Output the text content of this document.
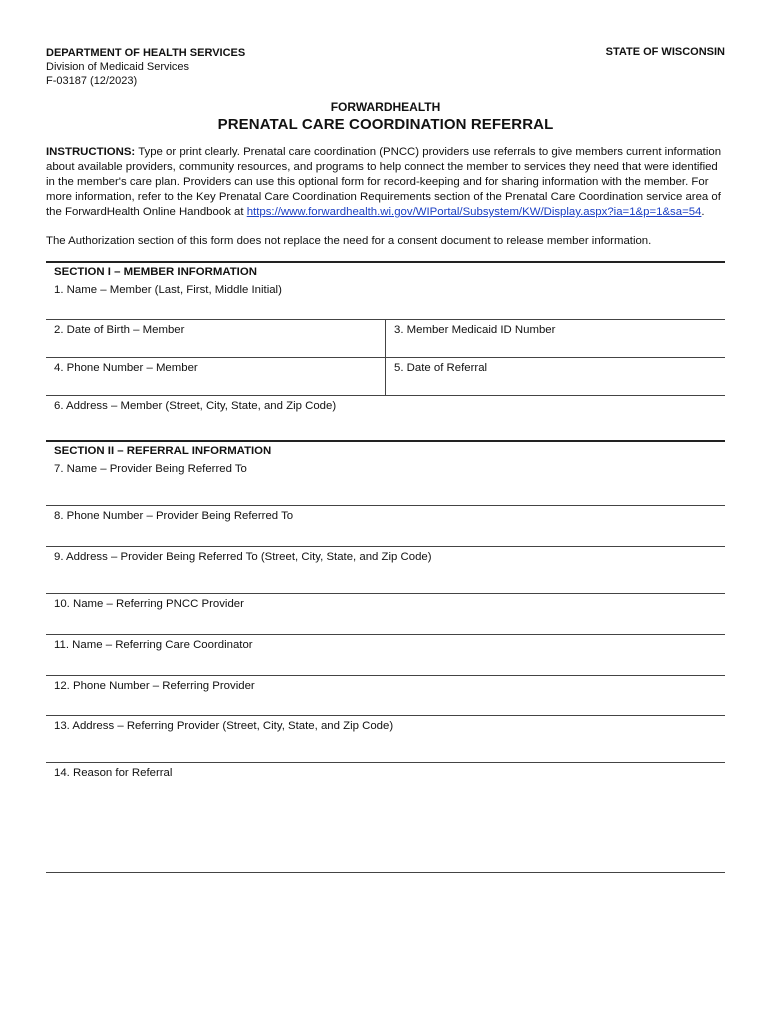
DEPARTMENT OF HEALTH SERVICES
Division of Medicaid Services
F-03187 (12/2023)
STATE OF WISCONSIN
FORWARDHEALTH
PRENATAL CARE COORDINATION REFERRAL
INSTRUCTIONS: Type or print clearly. Prenatal care coordination (PNCC) providers use referrals to give members current information about available providers, community resources, and programs to help connect the member to services they need that were identified in the member's care plan. Providers can use this optional form for record-keeping and for sharing information with the member. For more information, refer to the Key Prenatal Care Coordination Requirements section of the Prenatal Care Coordination service area of the ForwardHealth Online Handbook at https://www.forwardhealth.wi.gov/WIPortal/Subsystem/KW/Display.aspx?ia=1&p=1&sa=54.
The Authorization section of this form does not replace the need for a consent document to release member information.
SECTION I – MEMBER INFORMATION
1. Name – Member (Last, First, Middle Initial)
2. Date of Birth – Member	3. Member Medicaid ID Number
4. Phone Number – Member	5. Date of Referral
6. Address – Member (Street, City, State, and Zip Code)
SECTION II – REFERRAL INFORMATION
7. Name – Provider Being Referred To
8. Phone Number – Provider Being Referred To
9. Address – Provider Being Referred To (Street, City, State, and Zip Code)
10. Name – Referring PNCC Provider
11. Name – Referring Care Coordinator
12. Phone Number – Referring Provider
13. Address – Referring Provider (Street, City, State, and Zip Code)
14. Reason for Referral
